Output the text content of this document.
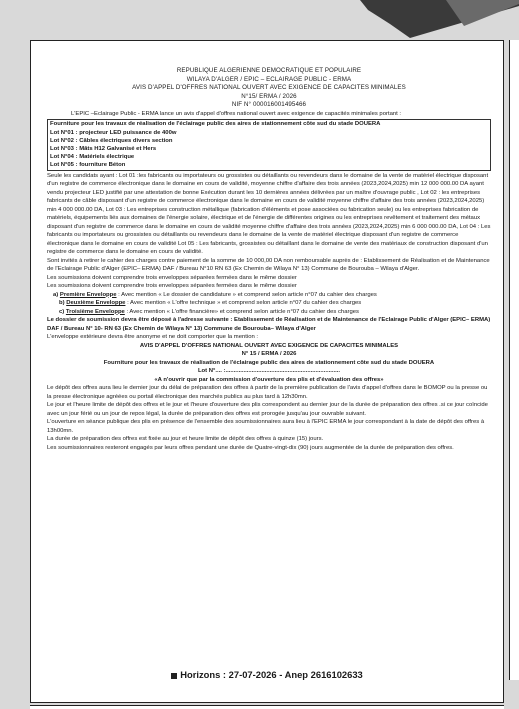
REPUBLIQUE ALGERIENNE DEMOCRATIQUE ET POPULAIRE
WILAYA D'ALGER / EPIC – ECLAIRAGE PUBLIC - ERMA
AVIS D'APPEL D'OFFRES NATIONAL OUVERT AVEC EXIGENCE DE CAPACITES MINIMALES
N°15/ ERMA / 2026
NIF N° 000016001495466

L'EPIC –Eclairage Public - ERMA lance un avis d'appel d'offres national ouvert avec exigence de capacités minimales portant :

Fourniture pour les travaux de réalisation de l'éclairage public des aires de stationnement côte sud du stade DOUERA
Lot N°01 : projecteur LED puissance de 400w
Lot N°02 : Câbles électriques divers section
Lot N°03 : Mâts H12 Galvanisé et Hers
Lot N°04 : Matériels électrique
Lot N°05 : fourniture Béton

Seule les candidats ayant : Lot 01 :les fabricants ou importateurs ou grossistes ou détaillants ou revendeurs dans le domaine de la vente de matériel électrique disposant d'un registre de commerce électronique dans le domaine en cours de validité, moyenne chiffre d'affaire des trois années (2023,2024,2025) min 12 000 000.00 DA ayant vendu projecteur LED justifié par une attestation de bonne Exécution durant les 10 dernières années délivrées par un maître d'ouvrage public , Lot 02 : les entreprises fabricants de câble disposant d'un registre de commerce électronique dans le domaine en cours de validité moyenne chiffre d'affaire des trois années (2023,2024,2025) min 4 000 000.00 DA, Lot 03 : Les entreprises construction métallique (fabrication d'éléments et pose associées ou fabrication seule) ou les entreprises fabrication de matériels, équipements liés aux domaines de l'énergie solaire, électrique et de l'énergie de différentes origines ou les entreprises revêtement et traitement des métaux disposant d'un registre de commerce dans le domaine en cours de validité moyenne chiffre d'affaire des trois années (2023,2024,2025) min 6 000 000.00 DA, Lot 04 : Les fabricants ou importateurs ou grossistes ou détaillants ou revendeurs dans le domaine de la vente de matériel électrique disposant d'un registre de commerce électronique dans le domaine en cours de validité Lot 05 : Les fabricants, grossistes ou détaillant dans le domaine de vente des matériaux de construction disposant d'un registre de commerce dans le domaine en cours de validité.

Sont invités à retirer le cahier des charges contre paiement de la somme de 10 000,00 DA non remboursable auprès de : Etablissement de Réalisation et de Maintenance de l'Eclairage Public d'Alger (EPIC– ERMA) DAF / Bureau N°10 RN 63 (Ex Chemin de Wilaya N° 13) Commune de Bourouba – Wilaya d'Alger.

Les soumissions doivent comprendre trois enveloppes séparées fermées dans le même dossier

Les soumissions doivent comprendre trois enveloppes séparées fermées dans le même dossier

a) Première Enveloppe : Avec mention « Le dossier de candidature » et comprend selon article n°07 du cahier des charges
b) Deuxième Enveloppe : Avec mention « L'offre technique » et comprend selon article n°07 du cahier des charges
c) Troisième Enveloppe : Avec mention « L'offre financière» et comprend selon article n°07 du cahier des charges

Le dossier de soumission devra être déposé à l'adresse suivante : Etablissement de Réalisation et de Maintenance de l'Eclairage Public d'Alger (EPIC– ERMA) DAF / Bureau N° 10- RN 63 (Ex Chemin de Wilaya N° 13) Commune de Bourouba– Wilaya d'Alger

L'enveloppe extérieure devra être anonyme et ne doit comporter que la mention :

AVIS D'APPEL D'OFFRES NATIONAL OUVERT AVEC EXIGENCE DE CAPACITES MINIMALES
N° 15 / ERMA / 2026
Fourniture pour les travaux de réalisation de l'éclairage public des aires de stationnement côte sud du stade DOUERA
Lot N°.... :......................................................................
«A n'ouvrir que par la commission d'ouverture des plis et d'évaluation des offres»

Le dépôt des offres aura lieu le dernier jour du délai de préparation des offres à partir de la première publication de l'avis d'appel d'offres dans le BOMOP ou la presse ou la presse électronique agréées ou portail électronique des marchés publics au plus tard à 12h30mn.

Le jour et l'heure limite de dépôt des offres et le jour et l'heure d'ouverture des plis correspondent au dernier jour de la durée de préparation des offres .si ce jour coïncide avec un jour férié ou un jour de repos légal, la durée de préparation des offres est prorogée jusqu'au jour ouvrable suivant.

L'ouverture en séance publique des plis en présence de l'ensemble des soumissionnaires aura lieu à l'EPIC ERMA le jour correspondant à la date de dépôt des offres à 13h00mn.

La durée de préparation des offres est fixée au jour et heure limite de dépôt des offres à quinze (15) jours.

Les soumissionnaires resteront engagés par leurs offres pendant une durée de Quatre-vingt-dix (90) jours augmentée de la durée de préparation des offres.

Horizons : 27-07-2026 - Anep 2616102633
